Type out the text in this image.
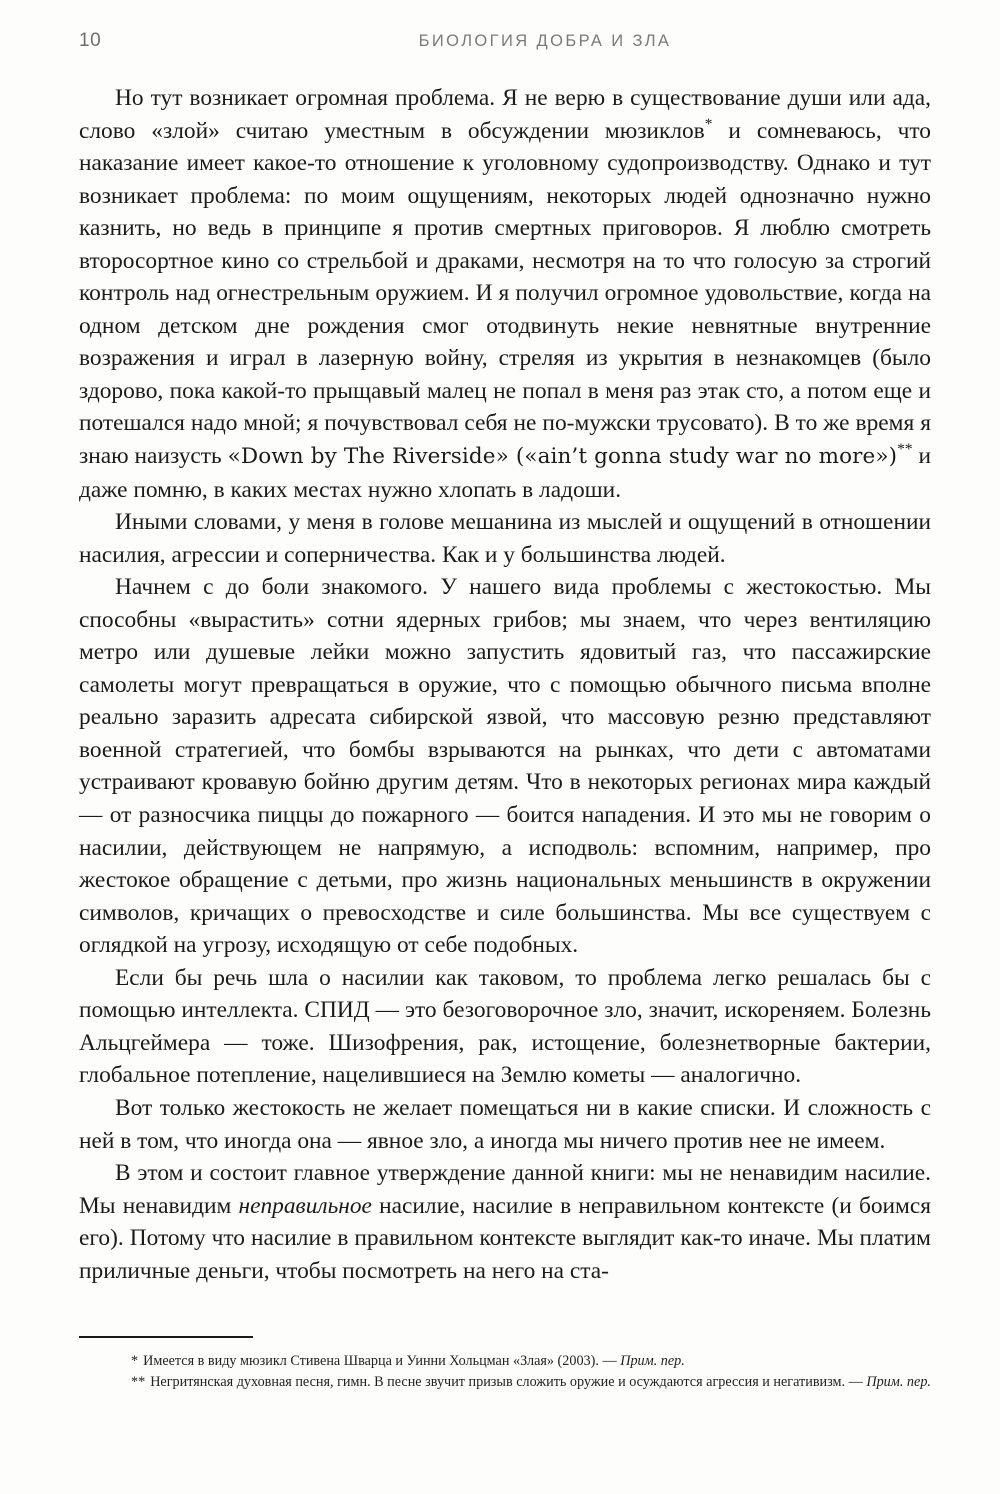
10	БИОЛОГИЯ ДОБРА И ЗЛА

Но тут возникает огромная проблема. Я не верю в существование души или ада, слово «злой» считаю уместным в обсуждении мюзиклов* и сомневаюсь, что наказание имеет какое-то отношение к уголовному судопроизводству. Однако и тут возникает проблема: по моим ощущениям, некоторых людей однозначно нужно казнить, но ведь в принципе я против смертных приговоров. Я люблю смотреть второсортное кино со стрельбой и драками, несмотря на то что голосую за строгий контроль над огнестрельным оружием. И я получил огромное удовольствие, когда на одном детском дне рождения смог отодвинуть некие невнятные внутренние возражения и играл в лазерную войну, стреляя из укрытия в незнакомцев (было здорово, пока какой-то прыщавый малец не попал в меня раз этак сто, а потом еще и потешался надо мной; я почувствовал себя не по-мужски трусовато). В то же время я знаю наизусть «Down by The Riverside» («ain’t gonna study war no more»)** и даже помню, в каких местах нужно хлопать в ладоши.

Иными словами, у меня в голове мешанина из мыслей и ощущений в отношении насилия, агрессии и соперничества. Как и у большинства людей.

Начнем с до боли знакомого. У нашего вида проблемы с жестокостью. Мы способны «вырастить» сотни ядерных грибов; мы знаем, что через вентиляцию метро или душевые лейки можно запустить ядовитый газ, что пассажирские самолеты могут превращаться в оружие, что с помощью обычного письма вполне реально заразить адресата сибирской язвой, что массовую резню представляют военной стратегией, что бомбы взрываются на рынках, что дети с автоматами устраивают кровавую бойню другим детям. Что в некоторых регионах мира каждый — от разносчика пиццы до пожарного — боится нападения. И это мы не говорим о насилии, действующем не напрямую, а исподволь: вспомним, например, про жестокое обращение с детьми, про жизнь национальных меньшинств в окружении символов, кричащих о превосходстве и силе большинства. Мы все существуем с оглядкой на угрозу, исходящую от себе подобных.

Если бы речь шла о насилии как таковом, то проблема легко решалась бы с помощью интеллекта. СПИД — это безоговорочное зло, значит, искореняем. Болезнь Альцгеймера — тоже. Шизофрения, рак, истощение, болезнетворные бактерии, глобальное потепление, нацелившиеся на Землю кометы — аналогично.

Вот только жестокость не желает помещаться ни в какие списки. И сложность с ней в том, что иногда она — явное зло, а иногда мы ничего против нее не имеем.

В этом и состоит главное утверждение данной книги: мы не ненавидим насилие. Мы ненавидим неправильное насилие, насилие в неправильном контексте (и боимся его). Потому что насилие в правильном контексте выглядит как-то иначе. Мы платим приличные деньги, чтобы посмотреть на него на ста-

* Имеется в виду мюзикл Стивена Шварца и Уинни Хольцман «Злая» (2003). — Прим. пер.

** Негритянская духовная песня, гимн. В песне звучит призыв сложить оружие и осуждаются агрессия и негативизм. — Прим. пер.
